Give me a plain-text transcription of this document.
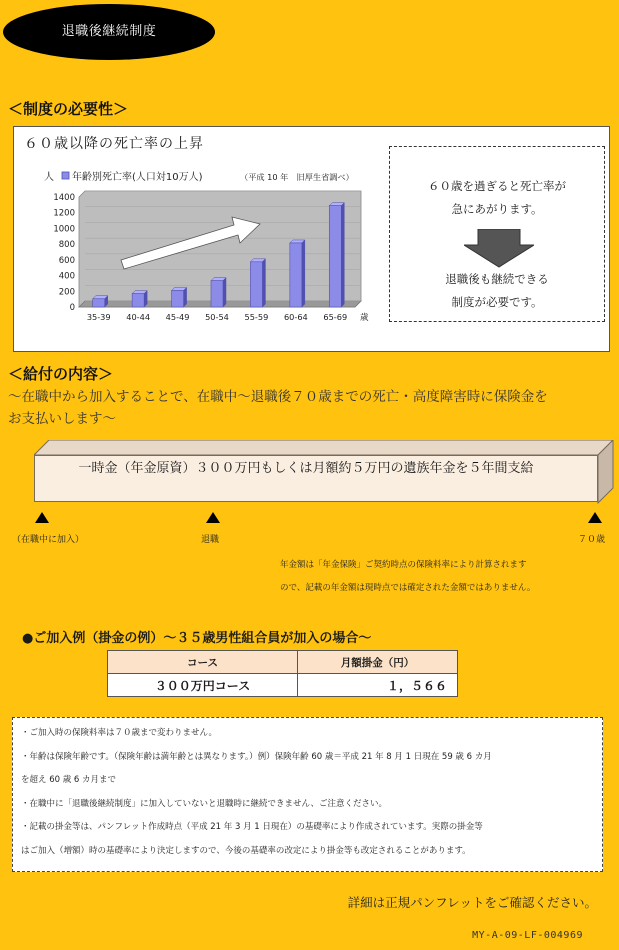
退職後継続制度
＜制度の必要性＞
６０歳以降の死亡率の上昇
0
200
400
600
800
1000
1200
1400
人 年齢別死亡率(人口対10万人)	（平成 10 年　旧厚生省調べ）
35-39 40-44 45-49 50-54 55-59 60-64 65-69 歳
６０歳を過ぎると死亡率が
急にあがります。
退職後も継続できる
制度が必要です。
＜給付の内容＞
～在職中から加入することで、在職中～退職後７０歳までの死亡・高度障害時に保険金を
お支払いします～
一時金（年金原資）３００万円もしくは月額約５万円の遺族年金を５年間支給
（在職中に加入）	退職	７０歳
年金額は「年金保険」ご契約時点の保険料率により計算されます
ので、記載の年金額は現時点では確定された金額ではありません。
●ご加入例（掛金の例）～３５歳男性組合員が加入の場合～
コース	月額掛金（円）
３００万円コース	１，５６６
・ご加入時の保険料率は７０歳まで変わりません。
・年齢は保険年齢です。（保険年齢は満年齢とは異なります。）例）保険年齢 60 歳＝平成 21 年 8 月 1 日現在 59 歳 6 カ月
を超え 60 歳 6 カ月まで
・在職中に「退職後継続制度」に加入していないと退職時に継続できません、ご注意ください。
・記載の掛金等は、パンフレット作成時点（平成 21 年 3 月 1 日現在）の基礎率により作成されています。実際の掛金等
はご加入（増額）時の基礎率により決定しますので、今後の基礎率の改定により掛金等も改定されることがあります。
詳細は正規パンフレットをご確認ください。
MY-A-09-LF-004969
